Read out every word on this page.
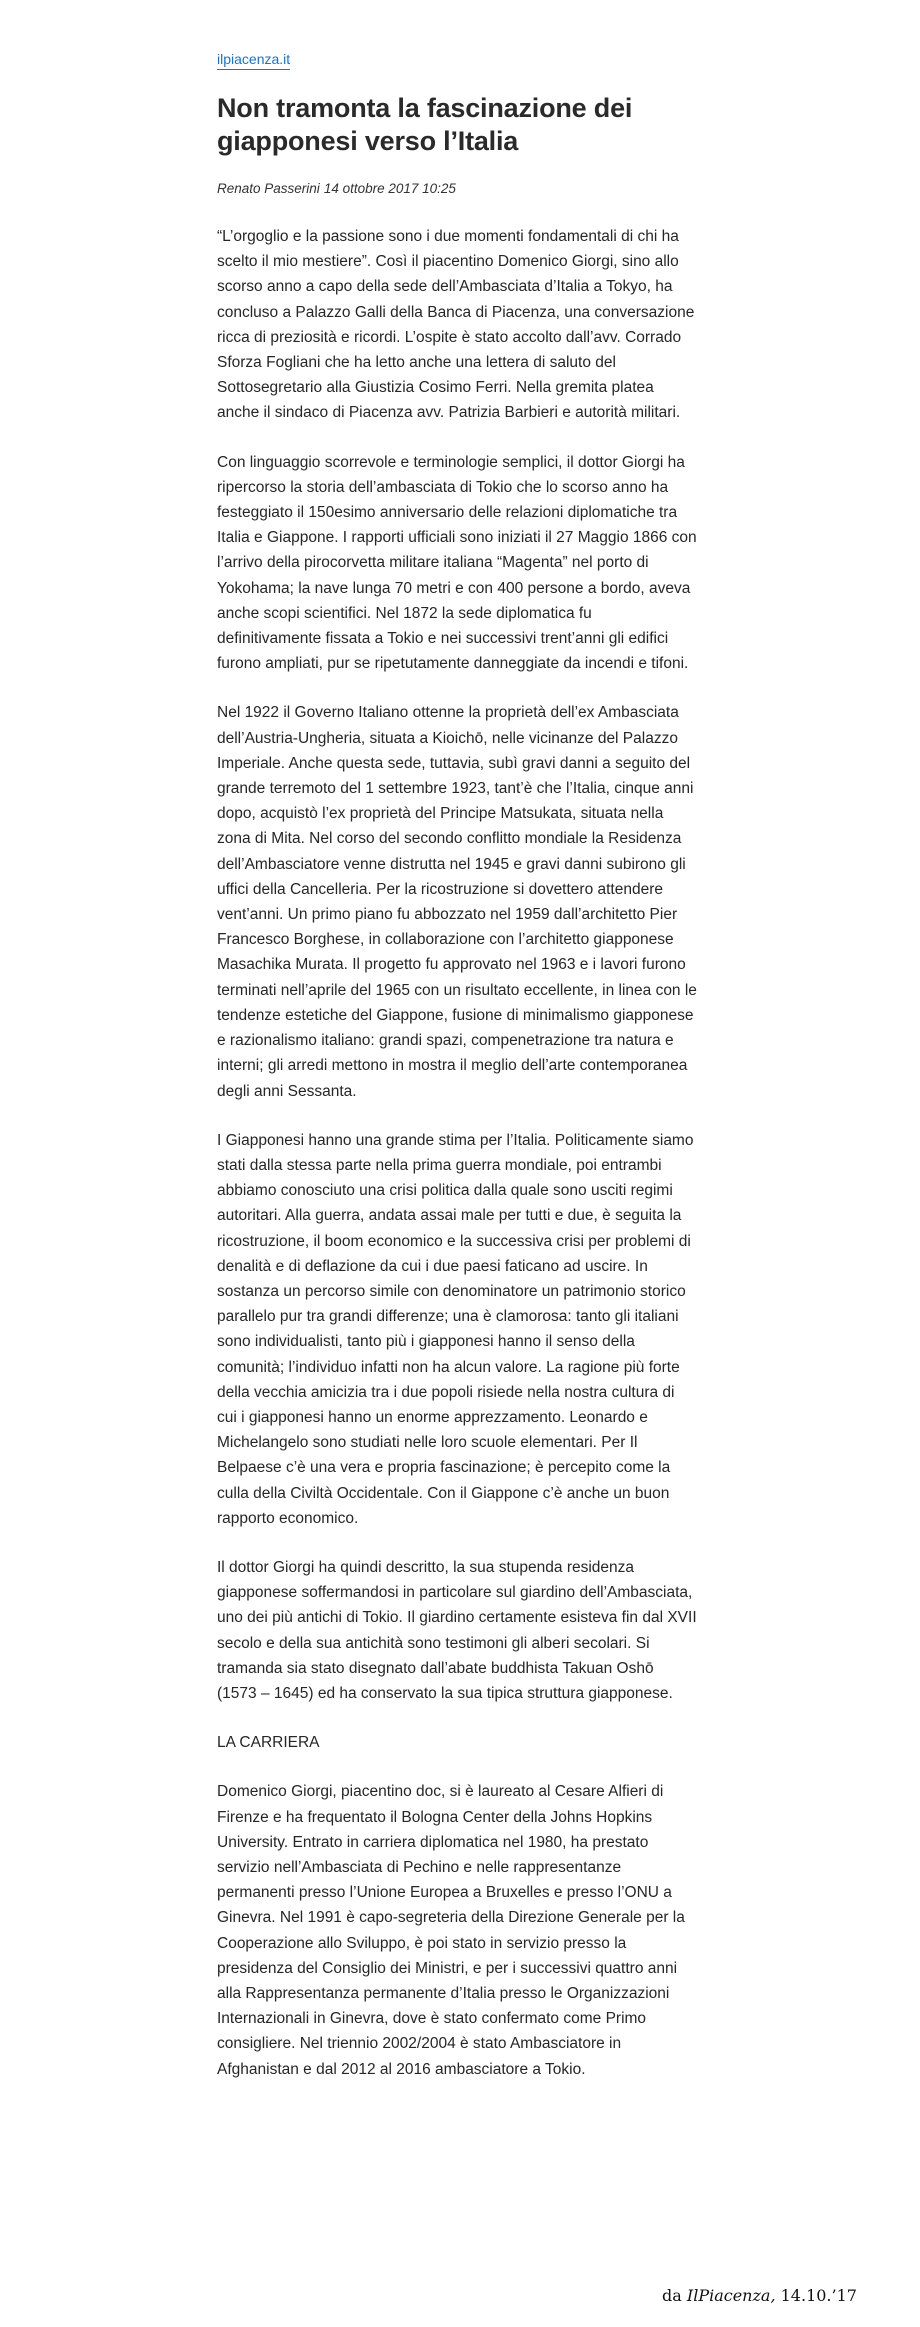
ilpiacenza.it
Non tramonta la fascinazione dei giapponesi verso l’Italia
Renato Passerini 14 ottobre 2017 10:25

“L’orgoglio e la passione sono i due momenti fondamentali di chi ha scelto il mio mestiere”. Così il piacentino Domenico Giorgi, sino allo scorso anno a capo della sede dell’Ambasciata d’Italia a Tokyo, ha concluso a Palazzo Galli della Banca di Piacenza, una conversazione ricca di preziosità e ricordi. L’ospite è stato accolto dall’avv. Corrado Sforza Fogliani che ha letto anche una lettera di saluto del Sottosegretario alla Giustizia Cosimo Ferri. Nella gremita platea anche il sindaco di Piacenza avv. Patrizia Barbieri e autorità militari.

Con linguaggio scorrevole e terminologie semplici, il dottor Giorgi ha ripercorso la storia dell’ambasciata di Tokio che lo scorso anno ha festeggiato il 150esimo anniversario delle relazioni diplomatiche tra Italia e Giappone. I rapporti ufficiali sono iniziati il 27 Maggio 1866 con l’arrivo della pirocorvetta militare italiana “Magenta” nel porto di Yokohama; la nave lunga 70 metri e con 400 persone a bordo, aveva anche scopi scientifici. Nel 1872 la sede diplomatica fu definitivamente fissata a Tokio e nei successivi trent’anni gli edifici furono ampliati, pur se ripetutamente danneggiate da incendi e tifoni.

Nel 1922 il Governo Italiano ottenne la proprietà dell’ex Ambasciata dell’Austria-Ungheria, situata a Kioichō, nelle vicinanze del Palazzo Imperiale. Anche questa sede, tuttavia, subì gravi danni a seguito del grande terremoto del 1 settembre 1923, tant’è che l’Italia, cinque anni dopo, acquistò l’ex proprietà del Principe Matsukata, situata nella zona di Mita. Nel corso del secondo conflitto mondiale la Residenza dell’Ambasciatore venne distrutta nel 1945 e gravi danni subirono gli uffici della Cancelleria. Per la ricostruzione si dovettero attendere vent’anni. Un primo piano fu abbozzato nel 1959 dall’architetto Pier Francesco Borghese, in collaborazione con l’architetto giapponese Masachika Murata. Il progetto fu approvato nel 1963 e i lavori furono terminati nell’aprile del 1965 con un risultato eccellente, in linea con le tendenze estetiche del Giappone, fusione di minimalismo giapponese e razionalismo italiano: grandi spazi, compenetrazione tra natura e interni; gli arredi mettono in mostra il meglio dell’arte contemporanea degli anni Sessanta.

I Giapponesi hanno una grande stima per l’Italia. Politicamente siamo stati dalla stessa parte nella prima guerra mondiale, poi entrambi abbiamo conosciuto una crisi politica dalla quale sono usciti regimi autoritari. Alla guerra, andata assai male per tutti e due, è seguita la ricostruzione, il boom economico e la successiva crisi per problemi di denalità e di deflazione da cui i due paesi faticano ad uscire. In sostanza un percorso simile con denominatore un patrimonio storico parallelo pur tra grandi differenze; una è clamorosa: tanto gli italiani sono individualisti, tanto più i giapponesi hanno il senso della comunità; l’individuo infatti non ha alcun valore. La ragione più forte della vecchia amicizia tra i due popoli risiede nella nostra cultura di cui i giapponesi hanno un enorme apprezzamento. Leonardo e Michelangelo sono studiati nelle loro scuole elementari. Per Il Belpaese c’è una vera e propria fascinazione; è percepito come la culla della Civiltà Occidentale. Con il Giappone c’è anche un buon rapporto economico.

Il dottor Giorgi ha quindi descritto, la sua stupenda residenza giapponese soffermandosi in particolare sul giardino dell’Ambasciata, uno dei più antichi di Tokio. Il giardino certamente esisteva fin dal XVII secolo e della sua antichità sono testimoni gli alberi secolari. Si tramanda sia stato disegnato dall’abate buddhista Takuan Oshō (1573 – 1645) ed ha conservato la sua tipica struttura giapponese.

LA CARRIERA

Domenico Giorgi, piacentino doc, si è laureato al Cesare Alfieri di Firenze e ha frequentato il Bologna Center della Johns Hopkins University. Entrato in carriera diplomatica nel 1980, ha prestato servizio nell’Ambasciata di Pechino e nelle rappresentanze permanenti presso l’Unione Europea a Bruxelles e presso l’ONU a Ginevra. Nel 1991 è capo-segreteria della Direzione Generale per la Cooperazione allo Sviluppo, è poi stato in servizio presso la presidenza del Consiglio dei Ministri, e per i successivi quattro anni alla Rappresentanza permanente d’Italia presso le Organizzazioni Internazionali in Ginevra, dove è stato confermato come Primo consigliere. Nel triennio 2002/2004 è stato Ambasciatore in Afghanistan e dal 2012 al 2016 ambasciatore a Tokio.

da IlPiacenza, 14.10.’17
